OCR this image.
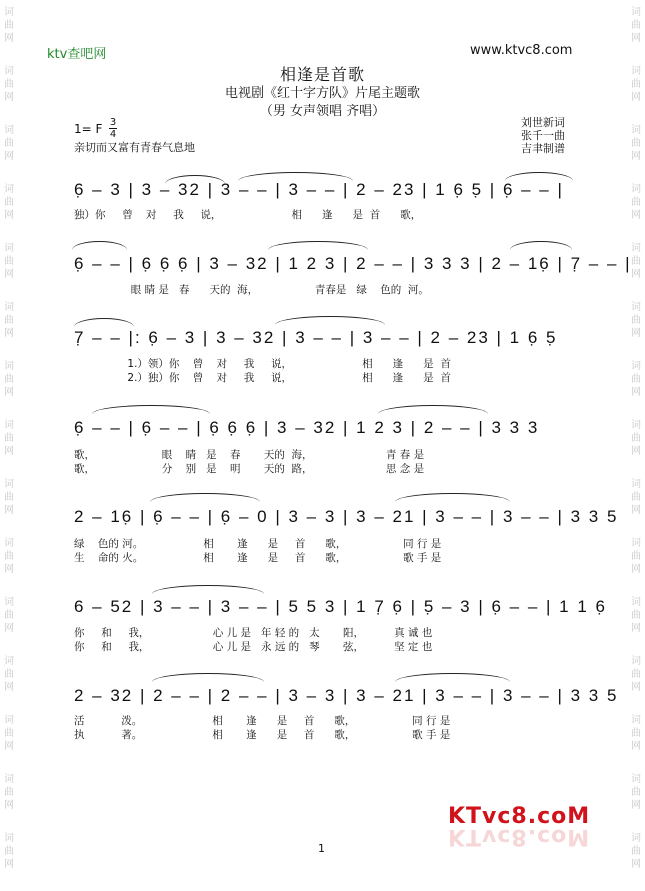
词
曲
网
词
曲
网
词
曲
网
词
曲
网
词
曲
网
词
曲
网
词
曲
网
词
曲
网
词
曲
网
词
曲
网
词
曲
网
词
曲
网
词
曲
网
词
曲
网
词
曲
网
词
曲
网
词
曲
网
词
曲
网
词
曲
网
词
曲
网
词
曲
网
词
曲
网
词
曲
网
词
曲
网
词
曲
网
词
曲
网
词
曲
网
词
曲
网
词
曲
网
词
曲
网
ktv查吧网	www.ktvc8.com
相逢是首歌
电视剧《红十字方队》片尾主题歌
（男 女声领唱 齐唱）
1= F 3
4
亲切而又富有青春气息地
刘世新词
张千一曲
吉聿制谱
6̣ – 3 | 3 – 32 | 3 – – | 3 – – | 2 – 23 | 1 6̣ 5̣ | 6̣ – – |
独）你     曾    对     我     说，                     相      逢      是  首      歌，
6̣ – – | 6̣ 6̣ 6̣ | 3 – 32 | 1 2 3 | 2 – – | 3 3 3 | 2 – 16̣ | 7̣ – – |
眼 睛 是   春      天的  海，                 青春是   绿    色的  河。
7̣ – – |: 6̣ – 3 | 3 – 32 | 3 – – | 3 – – | 2 – 23 | 1 6̣ 5̣
1.）领）你    曾    对     我     说，                     相      逢      是  首
2.）独）你    曾    对     我     说，                     相      逢      是  首
6̣ – – | 6̣ – – | 6̣ 6̣ 6̣ | 3 – 32 | 1 2 3 | 2 – – | 3 3 3
歌，                    眼    睛   是    春       天的  海，                      青 春 是
歌，                    分    别   是    明       天的  路，                      思 念 是
2 – 16̣ | 6̣ – – | 6̣ – 0 | 3 – 3 | 3 – 21 | 3 – – | 3 – – | 3 3 5
绿    色的 河。                  相       逢      是     首      歌，                 同 行 是
生    命的 火。                  相       逢      是     首      歌，                 歌 手 是
6 – 52 | 3 – – | 3 – – | 5 5 3 | 1 7̣ 6̣ | 5̣ – 3 | 6̣ – – | 1 1 6̣
你     和     我，                   心 儿 是   年 轻 的   太       阳，         真 诚 也
你     和     我，                   心 儿 是   永 远 的   琴       弦，         坚 定 也
2 – 32 | 2 – – | 2 – – | 3 – 3 | 3 – 21 | 3 – – | 3 – – | 3 3 5
活           泼。                     相       逢      是     首      歌，                 同 行 是
执           著。                     相       逢      是     首      歌，                 歌 手 是
KTvc8.coM
KTvc8.coM
1
